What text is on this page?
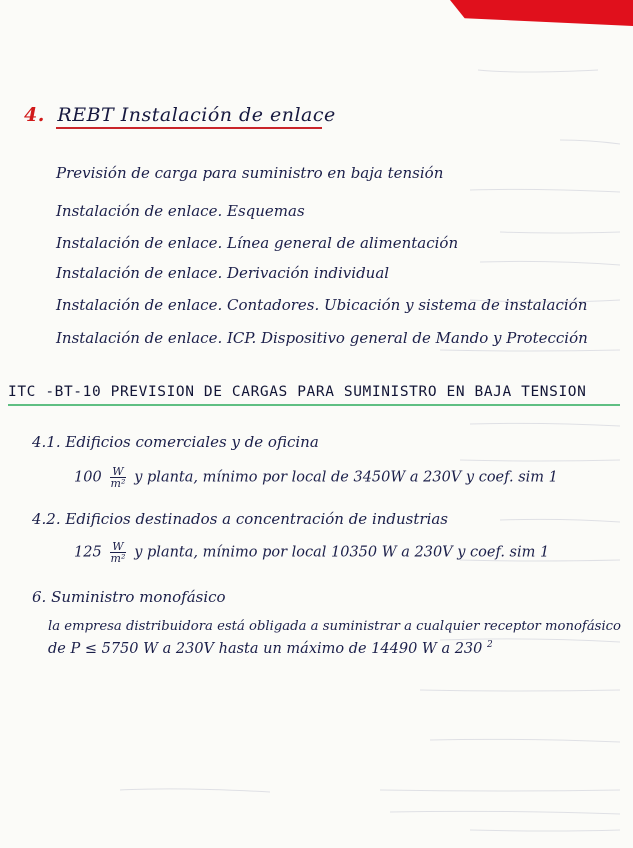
4. REBT Instalación de enlace
Previsión de carga para suministro en baja tensión
Instalación de enlace. Esquemas
Instalación de enlace. Línea general de alimentación
Instalación de enlace. Derivación individual
Instalación de enlace. Contadores. Ubicación y sistema de instalación
Instalación de enlace. ICP. Dispositivo general de Mando y Protección
ITC -BT-10 PREVISION DE CARGAS PARA SUMINISTRO EN BAJA TENSION
4.1. Edificios comerciales y de oficina
$100 \frac{W}{\text{m²}}$ y planta, mínimo por local de 3450W a 230V y coef. sim 1
4.2. Edificios destinados a concentración de industrias
$125 \frac{W}{\text{m²}}$ y planta, mínimo por local 10350 W a 230V y coef. sim 1
6. Suministro monofásico
la empresa distribuidora está obligada a suministrar a cualquier receptor monofásico
de P ≤ 5750 W a 230V hasta un máximo de 14490 W a 230 $^2$
